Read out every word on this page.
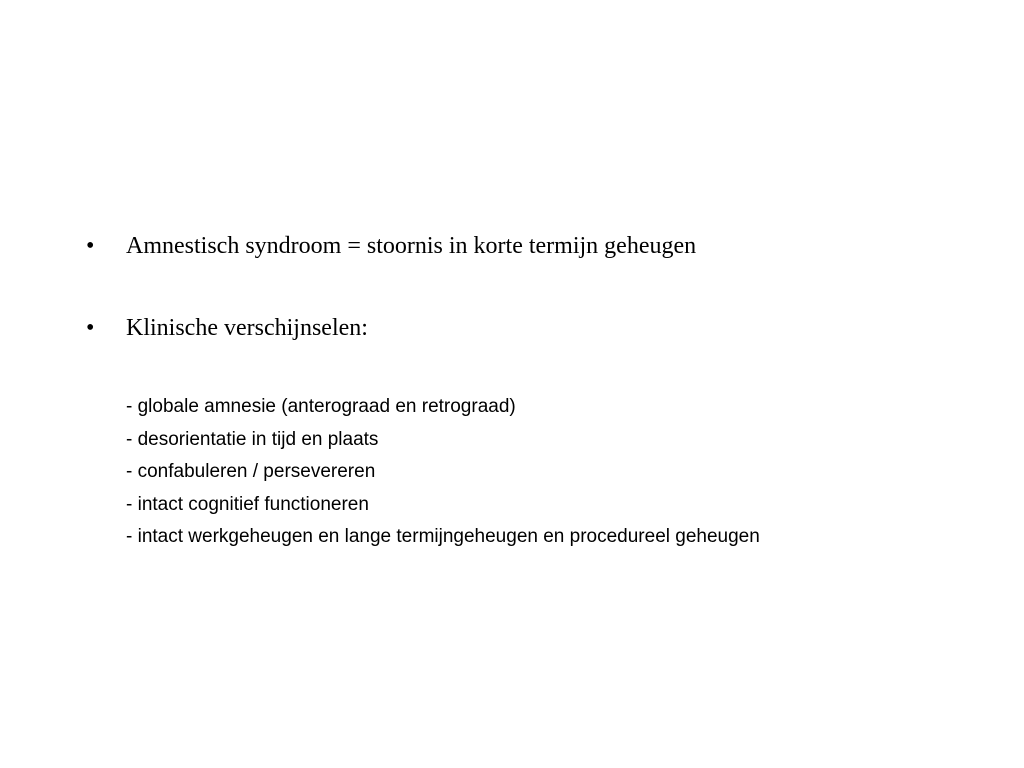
• Amnestisch syndroom = stoornis in korte termijn geheugen
• Klinische verschijnselen:
- globale amnesie (anterograad en retrograad)
- desorientatie in tijd en plaats
- confabuleren / persevereren
- intact cognitief functioneren
- intact werkgeheugen en lange termijngeheugen en procedureel geheugen
